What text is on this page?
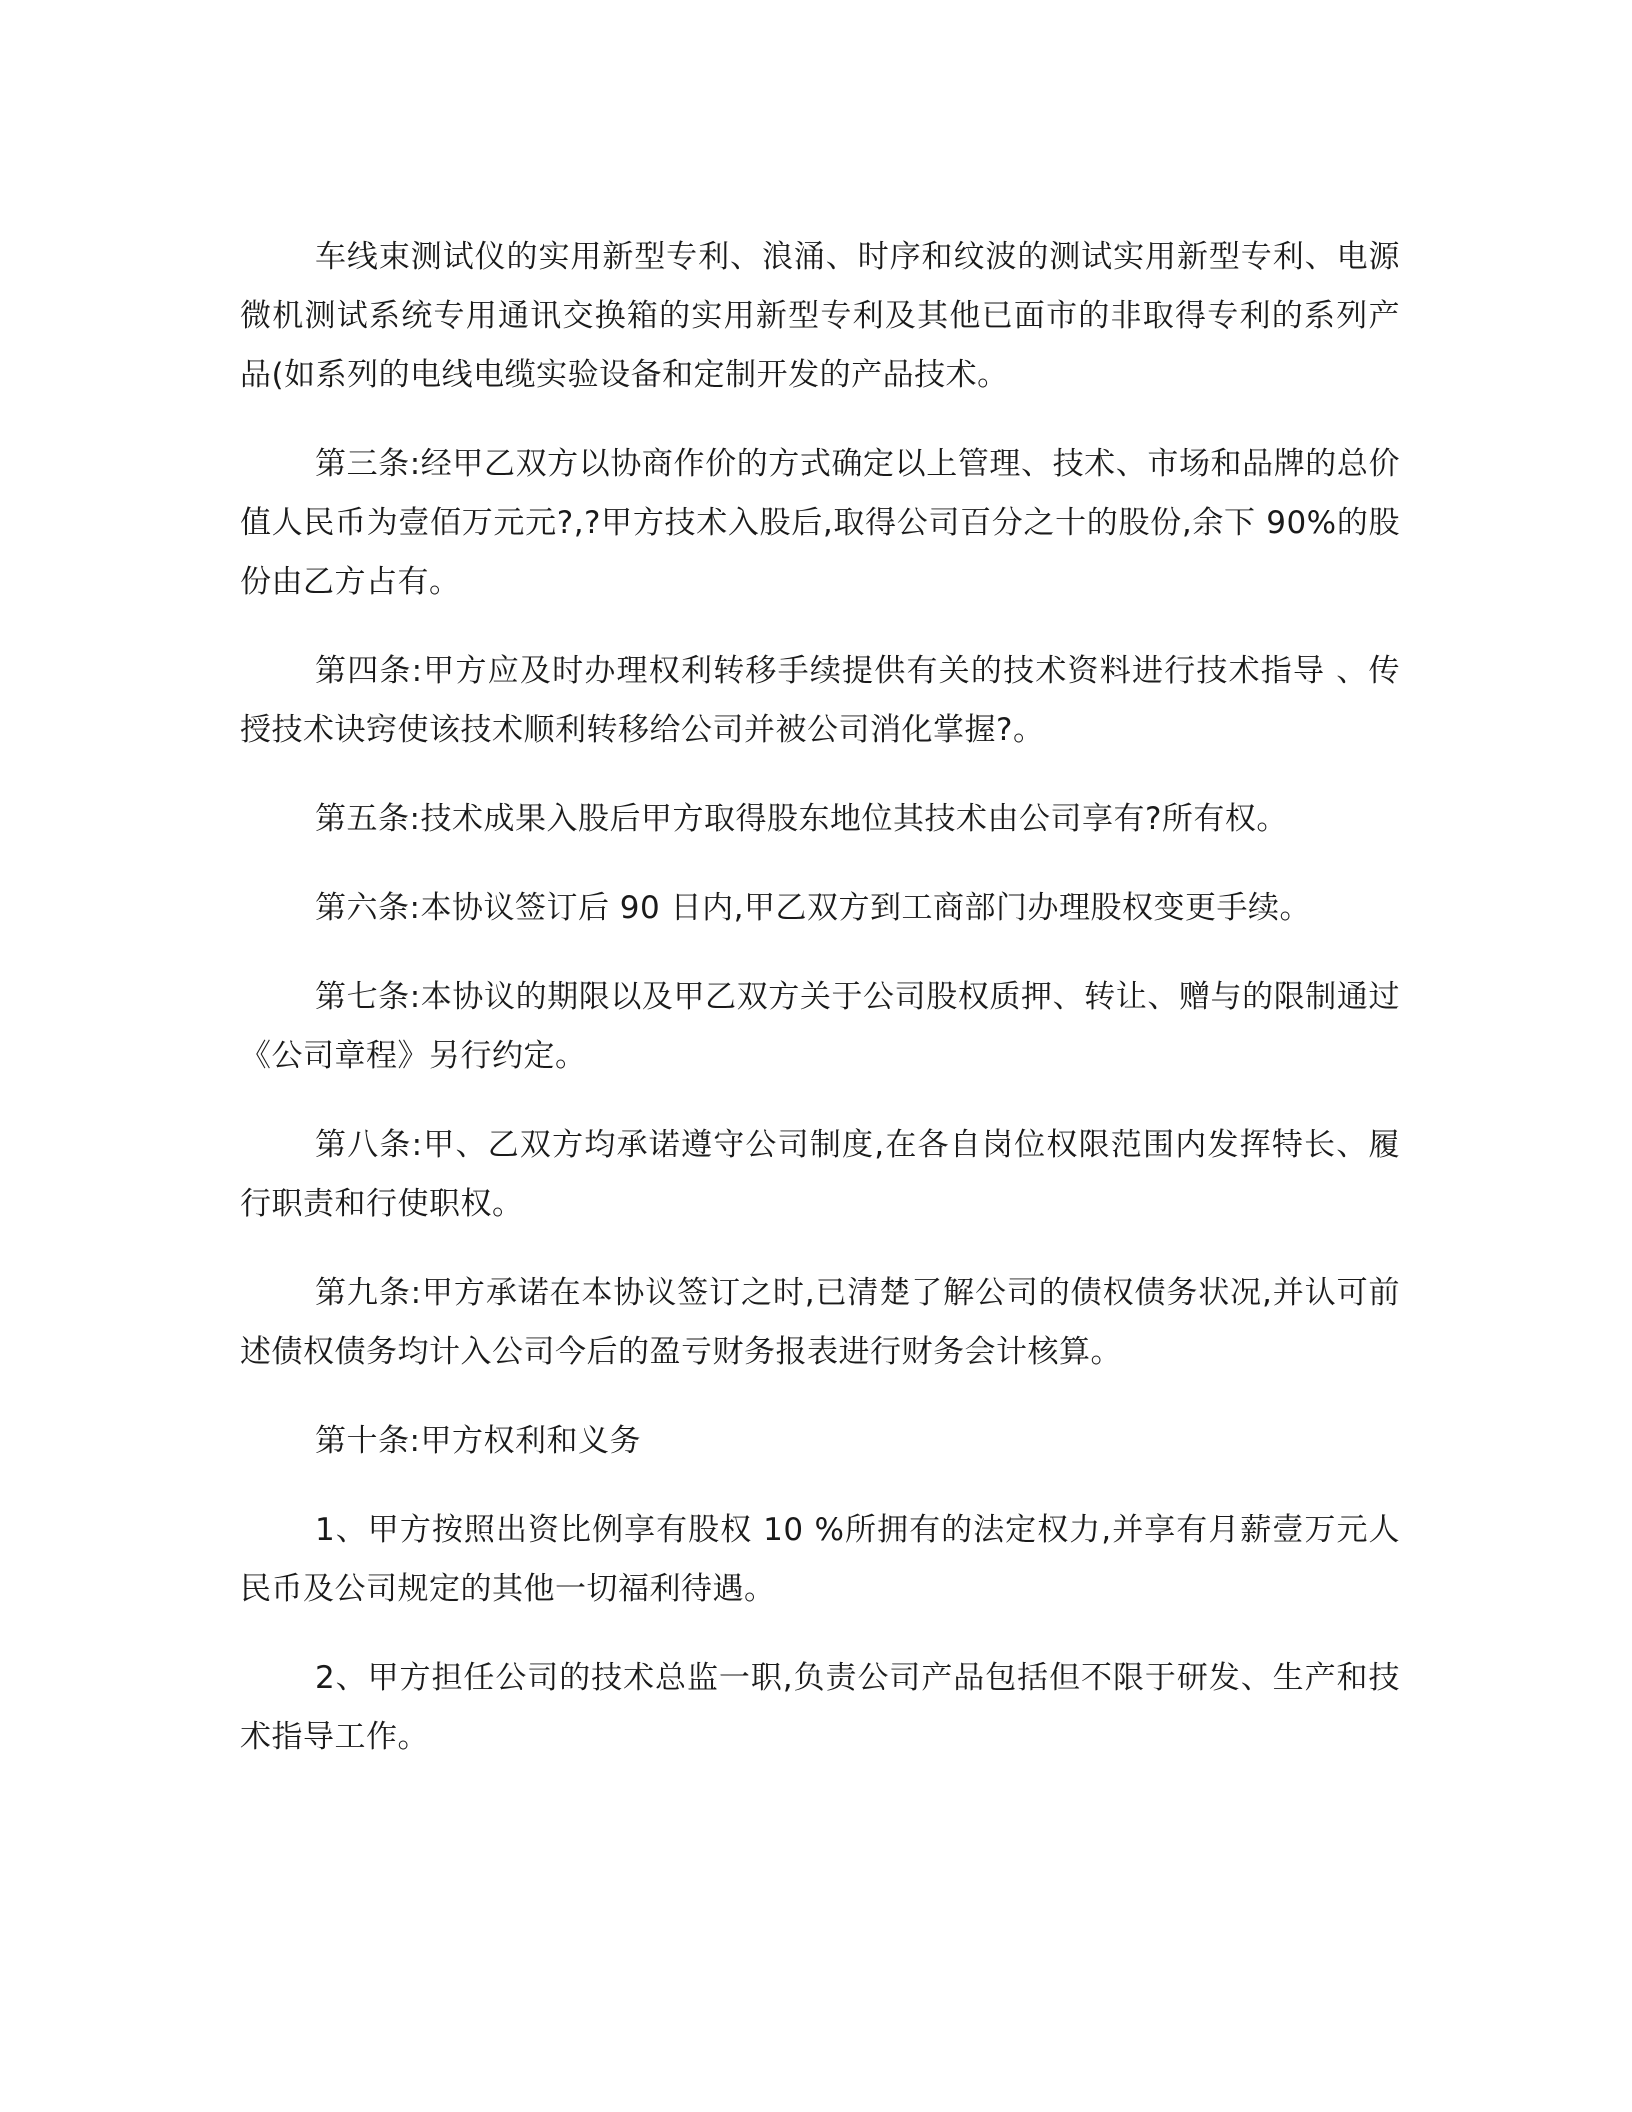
车线束测试仪的实用新型专利、浪涌、时序和纹波的测试实用新型专利、电源微机测试系统专用通讯交换箱的实用新型专利及其他已面市的非取得专利的系列产品(如系列的电线电缆实验设备和定制开发的产品技术。

第三条:经甲乙双方以协商作价的方式确定以上管理、技术、市场和品牌的总价值人民币为壹佰万元元?,?甲方技术入股后,取得公司百分之十的股份,余下 90%的股份由乙方占有。

第四条:甲方应及时办理权利转移手续提供有关的技术资料进行技术指导 、传授技术诀窍使该技术顺利转移给公司并被公司消化掌握?。

第五条:技术成果入股后甲方取得股东地位其技术由公司享有?所有权。

第六条:本协议签订后 90 日内,甲乙双方到工商部门办理股权变更手续。

第七条:本协议的期限以及甲乙双方关于公司股权质押、转让、赠与的限制通过《公司章程》另行约定。

第八条:甲、乙双方均承诺遵守公司制度,在各自岗位权限范围内发挥特长、履行职责和行使职权。

第九条:甲方承诺在本协议签订之时,已清楚了解公司的债权债务状况,并认可前述债权债务均计入公司今后的盈亏财务报表进行财务会计核算。

第十条:甲方权利和义务

1、甲方按照出资比例享有股权 10 %所拥有的法定权力,并享有月薪壹万元人民币及公司规定的其他一切福利待遇。

2、甲方担任公司的技术总监一职,负责公司产品包括但不限于研发、生产和技术指导工作。
